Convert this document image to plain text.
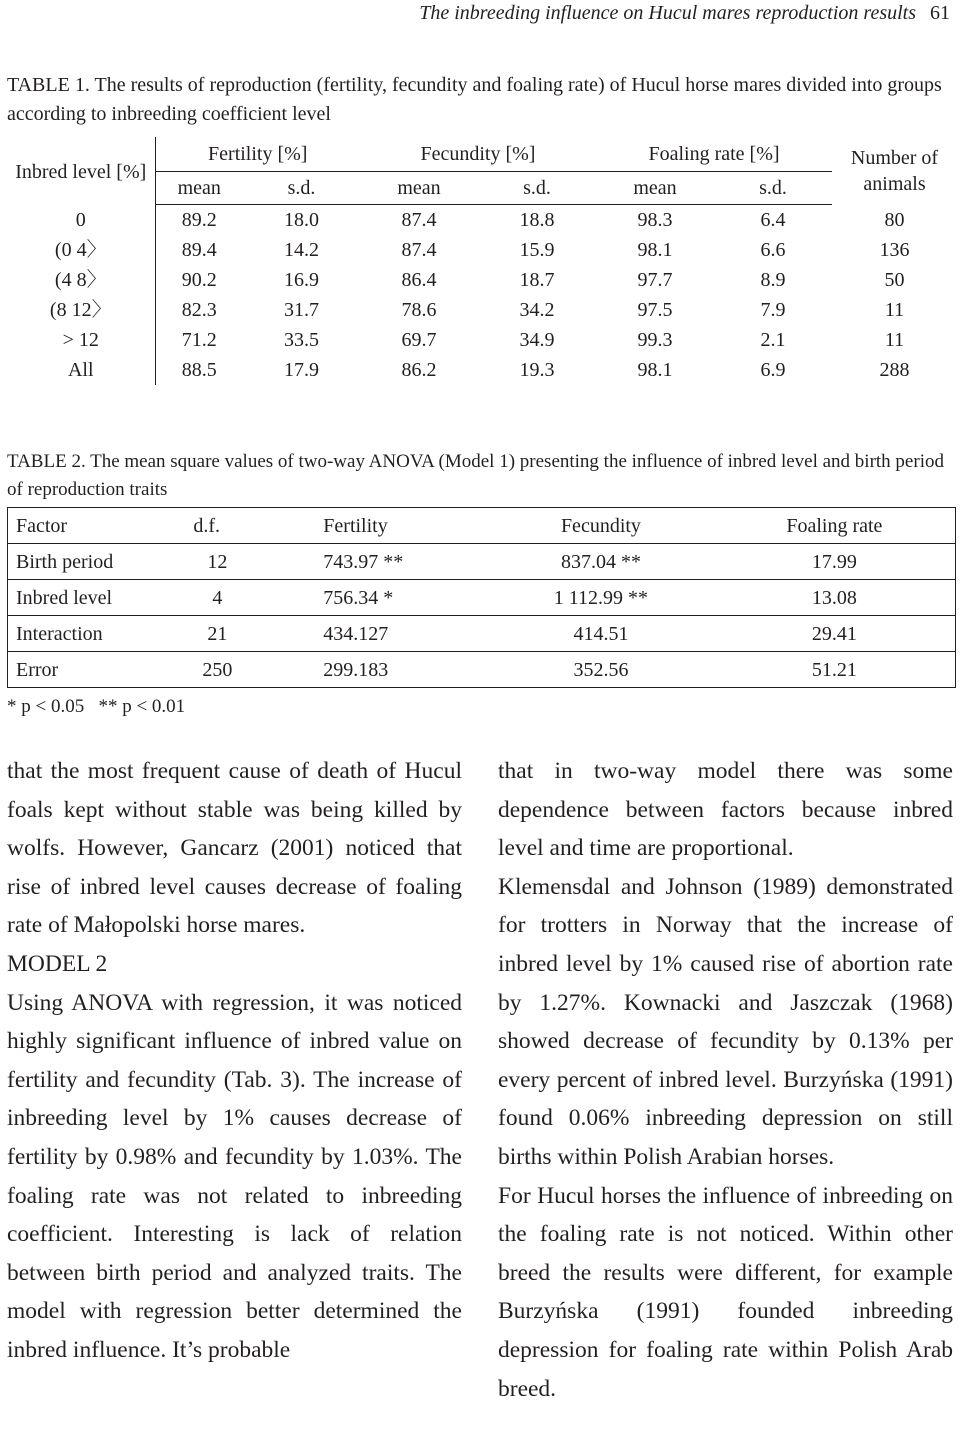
The inbreeding influence on Hucul mares reproduction results 61
TABLE 1. The results of reproduction (fertility, fecundity and foaling rate) of Hucul horse mares divided into groups according to inbreeding coefficient level
Inbred level [%]	Fertility [%]		Fecundity [%]		Foaling rate [%]		Number of animals
	mean	s.d.	mean	s.d.	mean	s.d.	
0	89.2	18.0	87.4	18.8	98.3	6.4	80
(0 4〉	89.4	14.2	87.4	15.9	98.1	6.6	136
(4 8〉	90.2	16.9	86.4	18.7	97.7	8.9	50
(8 12〉	82.3	31.7	78.6	34.2	97.5	7.9	11
> 12	71.2	33.5	69.7	34.9	99.3	2.1	11
All	88.5	17.9	86.2	19.3	98.1	6.9	288
TABLE 2. The mean square values of two-way ANOVA (Model 1) presenting the influence of inbred level and birth period of reproduction traits
Factor	d.f.	Fertility	Fecundity	Foaling rate
Birth period	12	743.97 **	837.04 **	17.99
Inbred level	4	756.34 *	1 112.99 **	13.08
Interaction	21	434.127	414.51	29.41
Error	250	299.183	352.56	51.21
* p < 0.05   ** p < 0.01

that the most frequent cause of death of Hucul foals kept without stable was being killed by wolfs. However, Gancarz (2001) noticed that rise of inbred level causes decrease of foaling rate of Małopolski horse mares.

MODEL 2

Using ANOVA with regression, it was noticed highly significant influence of inbred value on fertility and fecundity (Tab. 3). The increase of inbreeding level by 1% causes decrease of fertility by 0.98% and fecundity by 1.03%. The foaling rate was not related to inbreeding coefficient. Interesting is lack of relation between birth period and analyzed traits. The model with regression better determined the inbred influence. It’s probable

that in two-way model there was some dependence between factors because inbred level and time are proportional.

Klemensdal and Johnson (1989) demonstrated for trotters in Norway that the increase of inbred level by 1% caused rise of abortion rate by 1.27%. Kownacki and Jaszczak (1968) showed decrease of fecundity by 0.13% per every percent of inbred level. Burzyńska (1991) found 0.06% inbreeding depression on still births within Polish Arabian horses.

For Hucul horses the influence of inbreeding on the foaling rate is not noticed. Within other breed the results were different, for example Burzyńska (1991) founded inbreeding depression for foaling rate within Polish Arab breed.
